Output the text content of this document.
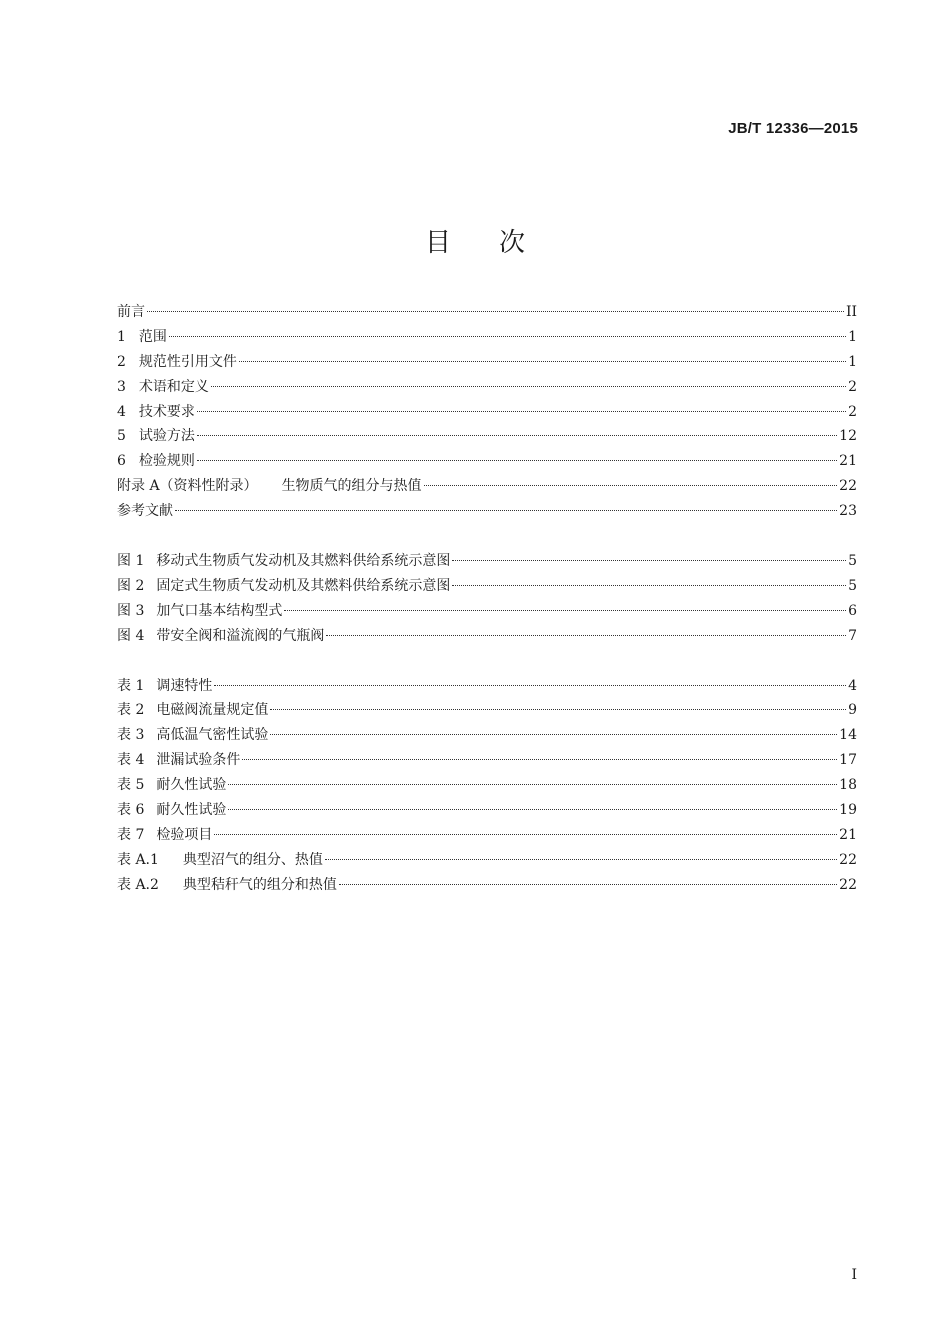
JB/T 12336—2015
目 次
前言	II
1 范围	1
2 规范性引用文件	1
3 术语和定义	2
4 技术要求	2
5 试验方法	12
6 检验规则	21
附录 A（资料性附录） 生物质气的组分与热值	22
参考文献	23
图 1 移动式生物质气发动机及其燃料供给系统示意图	5
图 2 固定式生物质气发动机及其燃料供给系统示意图	5
图 3 加气口基本结构型式	6
图 4 带安全阀和溢流阀的气瓶阀	7
表 1 调速特性	4
表 2 电磁阀流量规定值	9
表 3 高低温气密性试验	14
表 4 泄漏试验条件	17
表 5 耐久性试验	18
表 6 耐久性试验	19
表 7 检验项目	21
表 A.1 典型沼气的组分、热值	22
表 A.2 典型秸秆气的组分和热值	22
I
